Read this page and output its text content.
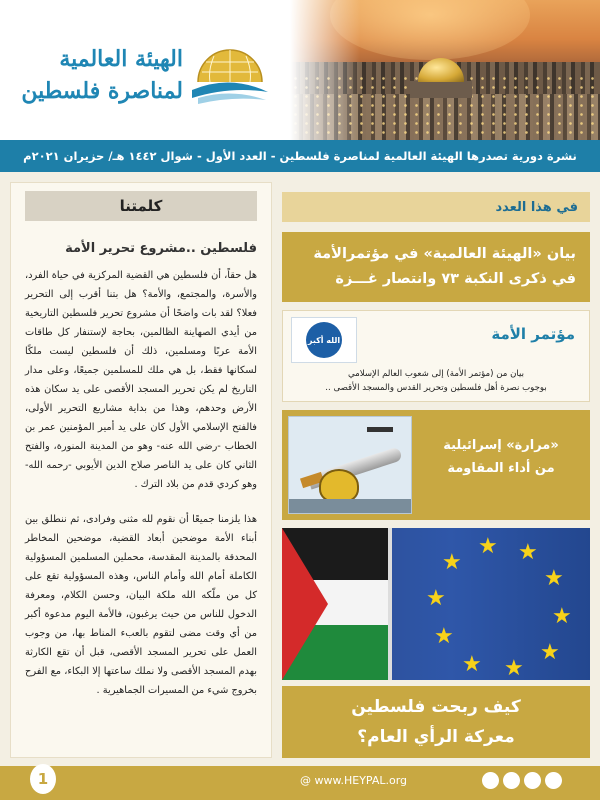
الهيئة العالمية
لمناصرة فلسطين
نشرة دورية تصدرها الهيئة العالمية لمناصرة فلسطين - العدد الأول - شوال ١٤٤٢ هـ/ حزيران ٢٠٢١م
كلمتنا
فلسطين ..مشروع تحرير الأمة

هل حقاً، أن فلسطين هي القضية المركزية في حياة الفرد، والأسرة، والمجتمع، والأمة؟ هل بتنا أقرب إلى التحرير فعلا؟ لقد بات واضحًا أن مشروع تحرير فلسطين التاريخية من أيدي الصهاينة الظالمين، بحاجة لإستنفار كل طاقات الأمة عربًا ومسلمين، ذلك أن فلسطين ليست ملكًا لسكانها فقط، بل هي ملك للمسلمين جميعًا، وعلى مدار التاريخ لم يكن تحرير المسجد الأقصى على يد سكان هذه الأرض وحدهم، وهذا من بداية مشاريع التحرير الأولى، فالفتح الإسلامي الأول كان على يد أمير المؤمنين عمر بن الخطاب -رضي الله عنه- وهو من المدينة المنورة، والفتح الثاني كان على يد الناصر صلاح الدين الأيوبي -رحمه الله- وهو كردي قدم من بلاد الترك .

هذا يلزمنا جميعًا أن نقوم لله مثنى وفرادى، ثم ننطلق بين أبناء الأمة موضحين أبعاد القضية، موضحين المخاطر المحدقة بالمدينة المقدسة، محملين المسلمين المسؤولية الكاملة أمام الله وأمام الناس، وهذه المسؤولية تقع على كل من ملّكه الله ملكة البيان، وحسن الكلام، ومعرفة الدخول للناس من حيث يرغبون، فالأمة اليوم مدعوة أكبر من أي وقت مضى لتقوم بالعبء المناط بها، من وجوب العمل على تحرير المسجد الأقصى، قبل أن تقع الكارثة بهدم المسجد الأقصى ولا نملك ساعتها إلا البكاء، مع الفرح بخروج شيء من المسيرات الجماهيرية .

في هذا العدد
بيان «الهيئة العالمية» في مؤتمرالأمة
في ذكرى النكبة ٧٣ وانتصار غـــزة
الله أكبر	مؤتمر الأمة
بيان من (مؤتمر الأمة) إلى شعوب العالم الإسلامي
بوجوب نصرة أهل فلسطين وتحرير القدس والمسجد الأقصى ..
«مرارة» إسرائيلية
من أداء المقاومة
★ ★
★
★
★
★
★
★
★
★
كيف ربحت فلسطين
معركة الرأي العام؟
1	@ www.HEYPAL.org
